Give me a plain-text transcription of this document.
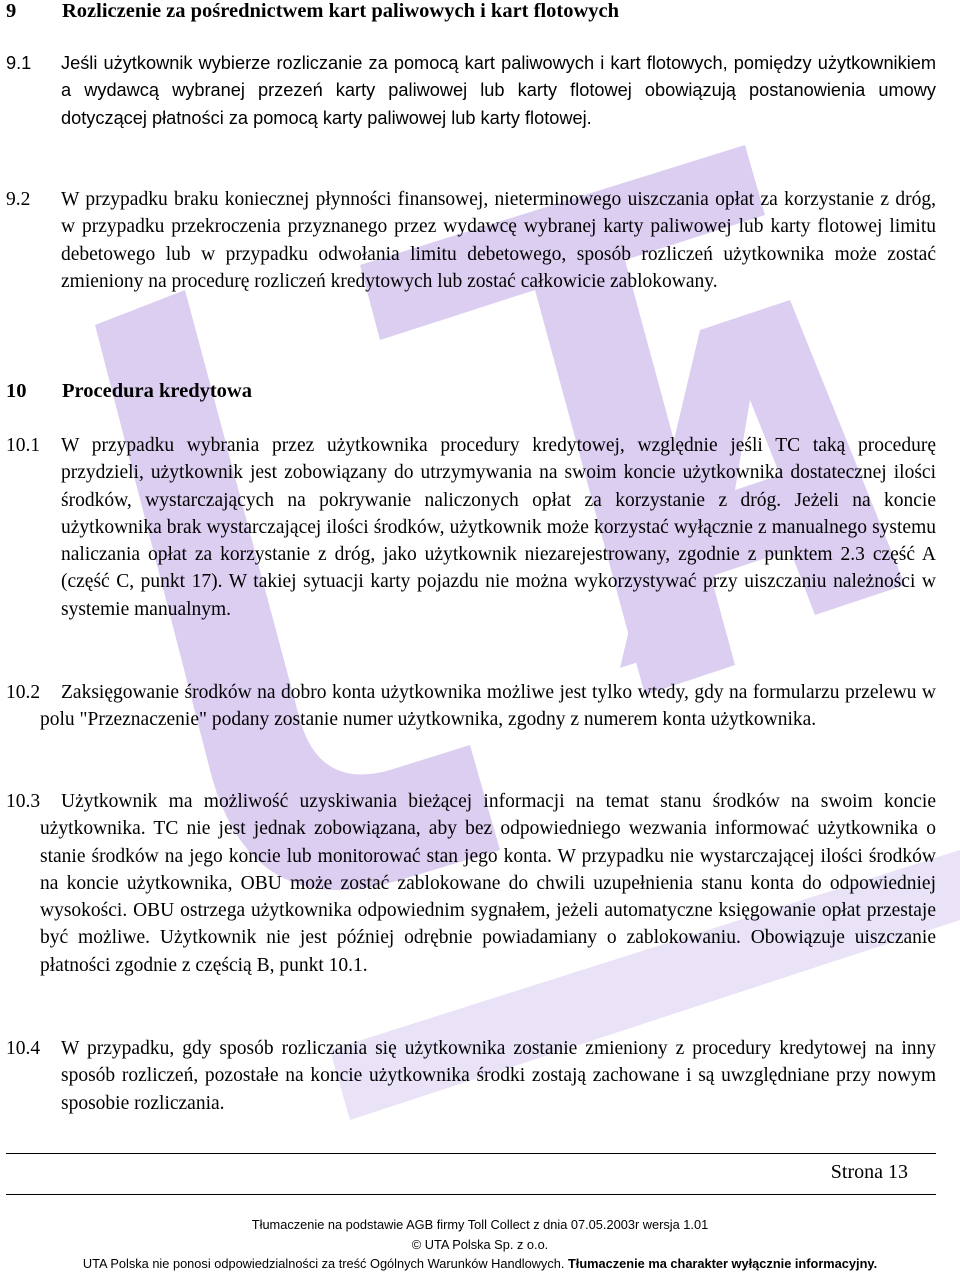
9 Rozliczenie za pośrednictwem kart paliwowych i kart flotowych
9.1	Jeśli użytkownik wybierze rozliczanie za pomocą kart paliwowych i kart flotowych, pomiędzy użytkownikiem a wydawcą wybranej przezeń karty paliwowej lub karty flotowej obowiązują postanowienia umowy dotyczącej płatności za pomocą karty paliwowej lub karty flotowej.
9.2	W przypadku braku koniecznej płynności finansowej, nieterminowego uiszczania opłat za korzystanie z dróg, w przypadku przekroczenia przyznanego przez wydawcę wybranej karty paliwowej lub karty flotowej limitu debetowego lub w przypadku odwołania limitu debetowego, sposób rozliczeń użytkownika może zostać zmieniony na procedurę rozliczeń kredytowych lub zostać całkowicie zablokowany.
10 Procedura kredytowa
10.1	W przypadku wybrania przez użytkownika procedury kredytowej, względnie jeśli TC taką procedurę przydzieli, użytkownik jest zobowiązany do utrzymywania na swoim koncie użytkownika dostatecznej ilości środków, wystarczających na pokrywanie naliczonych opłat za korzystanie z dróg. Jeżeli na koncie użytkownika brak wystarczającej ilości środków, użytkownik może korzystać wyłącznie z manualnego systemu naliczania opłat za korzystanie z dróg, jako użytkownik niezarejestrowany, zgodnie z punktem 2.3 część A (część C, punkt 17). W takiej sytuacji karty pojazdu nie można wykorzystywać przy uiszczaniu należności w systemie manualnym.
10.2 Zaksięgowanie środków na dobro konta użytkownika możliwe jest tylko wtedy, gdy na formularzu przelewu w polu "Przeznaczenie" podany zostanie numer użytkownika, zgodny z numerem konta użytkownika.
10.3 Użytkownik ma możliwość uzyskiwania bieżącej informacji na temat stanu środków na swoim koncie użytkownika. TC nie jest jednak zobowiązana, aby bez odpowiedniego wezwania informować użytkownika o stanie środków na jego koncie lub monitorować stan jego konta. W przypadku nie wystarczającej ilości środków na koncie użytkownika, OBU może zostać zablokowane do chwili uzupełnienia stanu konta do odpowiedniej wysokości. OBU ostrzega użytkownika odpowiednim sygnałem, jeżeli automatyczne księgowanie opłat przestaje być możliwe. Użytkownik nie jest później odrębnie powiadamiany o zablokowaniu. Obowiązuje uiszczanie płatności zgodnie z częścią B, punkt 10.1.
10.4	W przypadku, gdy sposób rozliczania się użytkownika zostanie zmieniony z procedury kredytowej na inny sposób rozliczeń, pozostałe na koncie użytkownika środki zostają zachowane i są uwzględniane przy nowym sposobie rozliczania.
Strona 13
Tłumaczenie na podstawie AGB firmy Toll Collect z dnia 07.05.2003r wersja 1.01
© UTA Polska Sp. z o.o.
UTA Polska nie ponosi odpowiedzialności za treść Ogólnych Warunków Handlowych. Tłumaczenie ma charakter wyłącznie informacyjny.
